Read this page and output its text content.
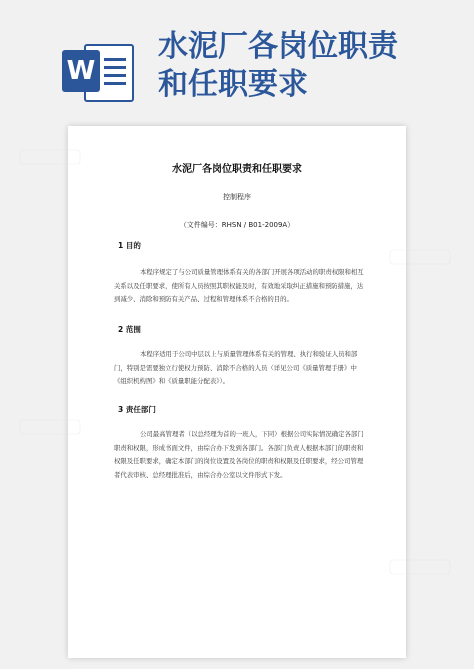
W
水泥厂各岗位职责
和任职要求
水泥厂各岗位职责和任职要求
控制程序
（文件编号：RHSN / B01-2009A）
1 目的
本程序规定了与公司质量管理体系有关的各部门开展各项活动的职责权限和相互关系以及任职要求，使所有人员按照其职权能及时，有效地采取纠正措施和预防措施，达到减少、消除和预防有关产品、过程和管理体系不合格的目的。
2 范围
本程序适用于公司中层以上与质量管理体系有关的管理、执行和验证人员和部门，特别是需要独立行使权力预防、消除不合格的人员（详见公司《质量管理手册》中《组织机构图》和《质量职能分配表》）。
3 责任部门
公司最高管理者（以总经理为首的一班人，下同）根据公司实际情况确定各部门职责和权限，形成书面文件，由综合办下发到各部门。各部门负责人根据本部门的职责和权限及任职要求，确定本部门的岗位设置及各岗位的职责和权限及任职要求，经公司管理者代表审核、总经理批准后，由综合办公室以文件形式下发。
